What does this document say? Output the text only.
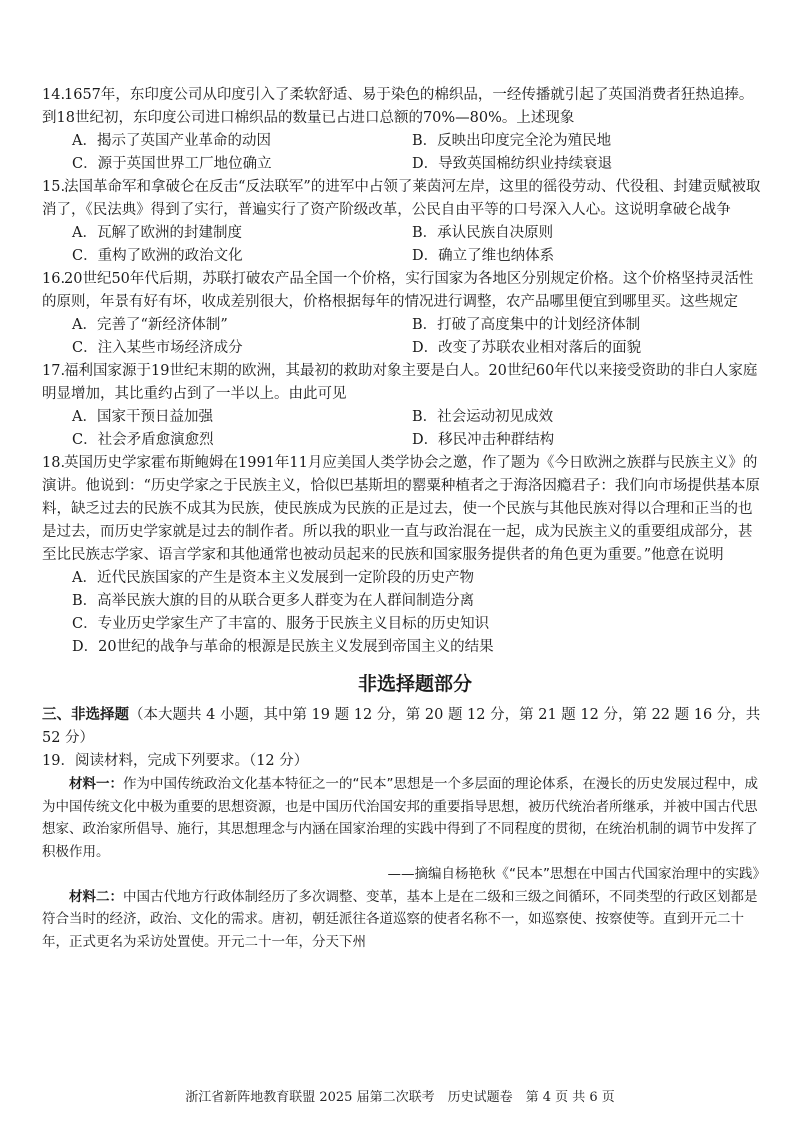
14.1657年，东印度公司从印度引入了柔软舒适、易于染色的棉织品，一经传播就引起了英国消费者狂热追捧。到18世纪初，东印度公司进口棉织品的数量已占进口总额的70%—80%。上述现象
A．揭示了英国产业革命的动因	B．反映出印度完全沦为殖民地
C．源于英国世界工厂地位确立	D．导致英国棉纺织业持续衰退
15.法国革命军和拿破仑在反击“反法联军”的进军中占领了莱茵河左岸，这里的徭役劳动、代役租、封建贡赋被取消了，《民法典》得到了实行，普遍实行了资产阶级改革，公民自由平等的口号深入人心。这说明拿破仑战争
A．瓦解了欧洲的封建制度	B．承认民族自决原则
C．重构了欧洲的政治文化	D．确立了维也纳体系
16.20世纪50年代后期，苏联打破农产品全国一个价格，实行国家为各地区分别规定价格。这个价格坚持灵活性的原则，年景有好有坏，收成差别很大，价格根据每年的情况进行调整，农产品哪里便宜到哪里买。这些规定
A．完善了“新经济体制”	B．打破了高度集中的计划经济体制
C．注入某些市场经济成分	D．改变了苏联农业相对落后的面貌
17.福利国家源于19世纪末期的欧洲，其最初的救助对象主要是白人。20世纪60年代以来接受资助的非白人家庭明显增加，其比重约占到了一半以上。由此可见
A．国家干预日益加强	B．社会运动初见成效
C．社会矛盾愈演愈烈	D．移民冲击种群结构
18.英国历史学家霍布斯鲍姆在1991年11月应美国人类学协会之邀，作了题为《今日欧洲之族群与民族主义》的演讲。他说到：“历史学家之于民族主义，恰似巴基斯坦的罂粟种植者之于海洛因瘾君子：我们向市场提供基本原料，缺乏过去的民族不成其为民族，使民族成为民族的正是过去，使一个民族与其他民族对得以合理和正当的也是过去，而历史学家就是过去的制作者。所以我的职业一直与政治混在一起，成为民族主义的重要组成部分，甚至比民族志学家、语言学家和其他通常也被动员起来的民族和国家服务提供者的角色更为重要。”他意在说明
A．近代民族国家的产生是资本主义发展到一定阶段的历史产物
B．高举民族大旗的目的从联合更多人群变为在人群间制造分离
C．专业历史学家生产了丰富的、服务于民族主义目标的历史知识
D．20世纪的战争与革命的根源是民族主义发展到帝国主义的结果
非选择题部分
三、非选择题（本大题共 4 小题，其中第 19 题 12 分，第 20 题 12 分，第 21 题 12 分，第 22 题 16 分，共 52 分）
19．阅读材料，完成下列要求。（12 分）
材料一：作为中国传统政治文化基本特征之一的“民本”思想是一个多层面的理论体系，在漫长的历史发展过程中，成为中国传统文化中极为重要的思想资源，也是中国历代治国安邦的重要指导思想，被历代统治者所继承，并被中国古代思想家、政治家所倡导、施行，其思想理念与内涵在国家治理的实践中得到了不同程度的贯彻，在统治机制的调节中发挥了积极作用。
——摘编自杨艳秋《“民本”思想在中国古代国家治理中的实践》
材料二：中国古代地方行政体制经历了多次调整、变革，基本上是在二级和三级之间循环，不同类型的行政区划都是符合当时的经济，政治、文化的需求。唐初，朝廷派往各道巡察的使者名称不一，如巡察使、按察使等。直到开元二十年，正式更名为采访处置使。开元二十一年，分天下州
浙江省新阵地教育联盟 2025 届第二次联考　历史试题卷　第 4 页 共 6 页
